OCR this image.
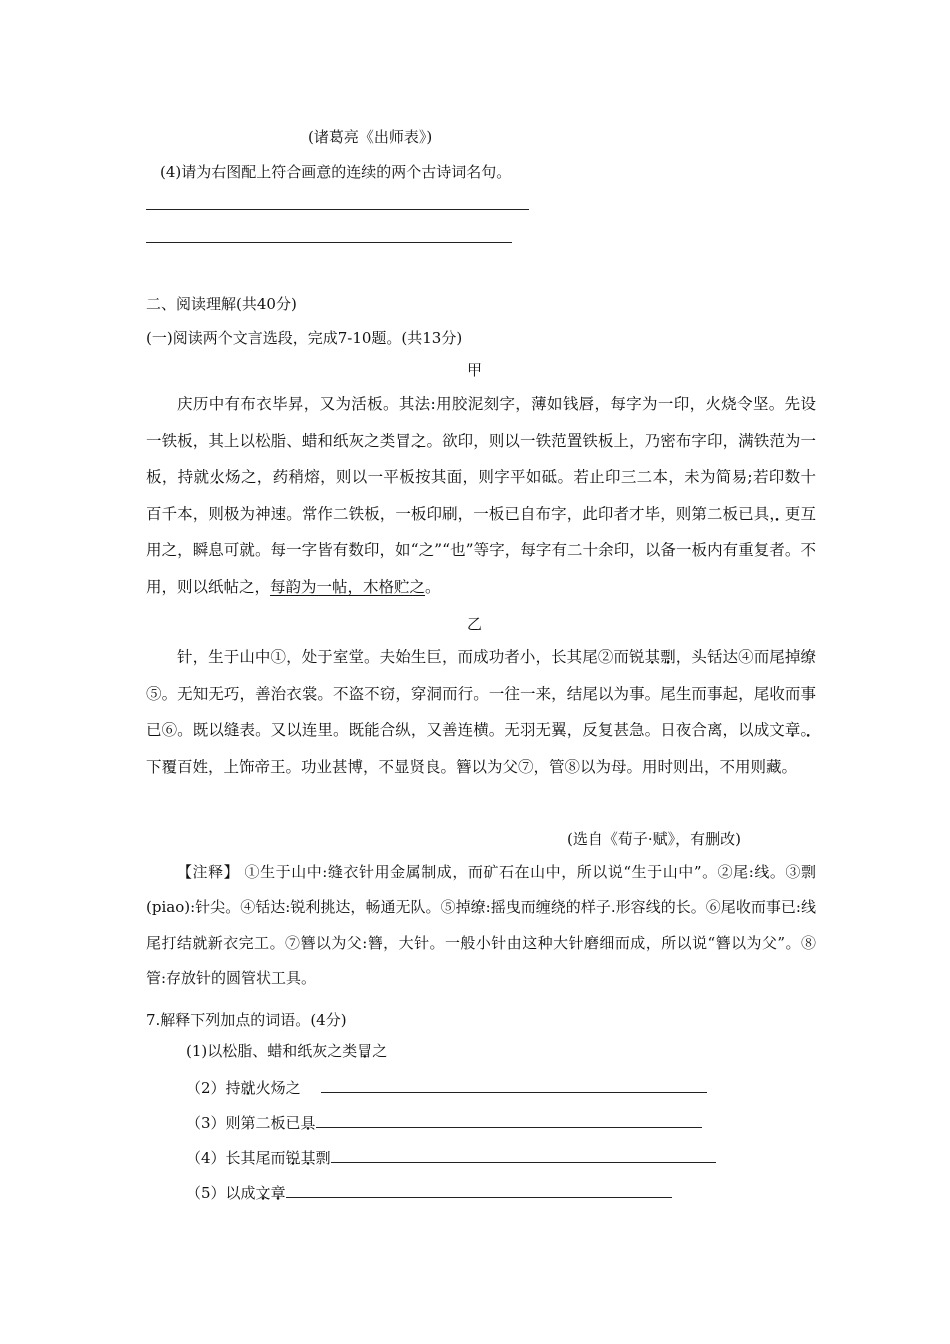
(诸葛亮《出师表》)
(4)请为右图配上符合画意的连续的两个古诗词名句。
二、阅读理解(共40分)
(一)阅读两个文言选段，完成7-10题。(共13分)
甲

庆历中有布衣毕昇，又为活板。其法:用胶泥刻字，薄如钱唇，每字为一印，火烧令坚。先设一铁板，其上以松脂、蜡和纸灰之类冒之。欲印，则以一铁范置铁板上，乃密布字印，满铁范为一板，持就火炀之，药稍熔，则以一平板按其面，则字平如砥。若止印三二本，未为简易;若印数十百千本，则极为神速。常作二铁板，一板印刷，一板已自布字，此印者才毕，则第二板已具，更互用之，瞬息可就。每一字皆有数印，如“之”“也”等字，每字有二十余印，以备一板内有重复者。不用，则以纸帖之，每韵为一帖，木格贮之。

乙

针，生于山中①，处于室堂。夫始生巨，而成功者小，长其尾②而锐其剽，头铦达④而尾掉缭⑤。无知无巧，善治衣裳。不盗不窃，穿洞而行。一往一来，结尾以为事。尾生而事起，尾收而事已⑥。既以缝表。又以连里。既能合纵，又善连横。无羽无翼，反复甚急。日夜合离，以成文章。下覆百姓，上饰帝王。功业甚博，不显贤良。簪以为父⑦，管⑧以为母。用时则出，不用则藏。

(选自《荀子·赋》，有删改)
【注释】 ①生于山中:缝衣针用金属制成，而矿石在山中，所以说“生于山中”。②尾:线。③剽(piao):针尖。④铦达:锐利挑达，畅通无队。⑤掉缭:摇曳而缠绕的样子.形容线的长。⑥尾收而事已:线尾打结就新衣完工。⑦簪以为父:簪，大针。一般小针由这种大针磨细而成，所以说“簪以为父”。⑧管:存放针的圆管状工具。
7.解释下列加点的词语。(4分)
(1)以松脂、蜡和纸灰之类冒之
（2）持就火炀之
（3）则第二板已具
（4）长其尾而锐其剽
（5）以成文章
